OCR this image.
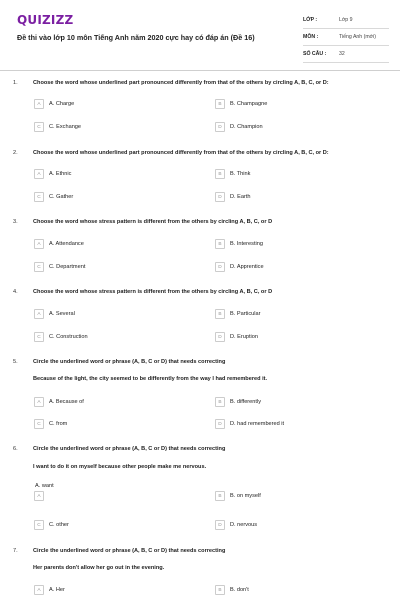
QUIZIZZ
Đề thi vào lớp 10 môn Tiếng Anh năm 2020 cực hay có đáp án (Đề 16)
LỚP :	Lớp 9
MÔN :	Tiếng Anh (mới)
SỐ CÂU :	32
1.	Choose the word whose underlined part pronounced differently from that of the others by circling A, B, C, or D:
A	A. Charge	B	B. Champagne
C	C. Exchange	D	D. Champion
2.	Choose the word whose underlined part pronounced differently from that of the others by circling A, B, C, or D:
A	A. Ethnic	B	B. Think
C	C. Gather	D	D. Earth
3.	Choose the word whose stress pattern is different from the others by circling A, B, C, or D
A	A. Attendance	B	B. Interesting
C	C. Department	D	D. Apprentice
4.	Choose the word whose stress pattern is different from the others by circling A, B, C, or D
A	A. Several	B	B. Particular
C	C. Construction	D	D. Eruption
5.	Circle the underlined word or phrase (A, B, C or D) that needs correcting
Because of the light, the city seemed to be differently from the way I had remembered it.
A	A. Because of	B	B. differently
C	C. from	D	D. had remembered it
6.	Circle the underlined word or phrase (A, B, C or D) that needs correcting
I want to do it on myself because other people make me nervous.
A. want
A	B	B. on myself
C	C. other	D	D. nervous
7.	Circle the underlined word or phrase (A, B, C or D) that needs correcting
Her parents don't allow her go out in the evening.
A	A. Her	B	B. don't
